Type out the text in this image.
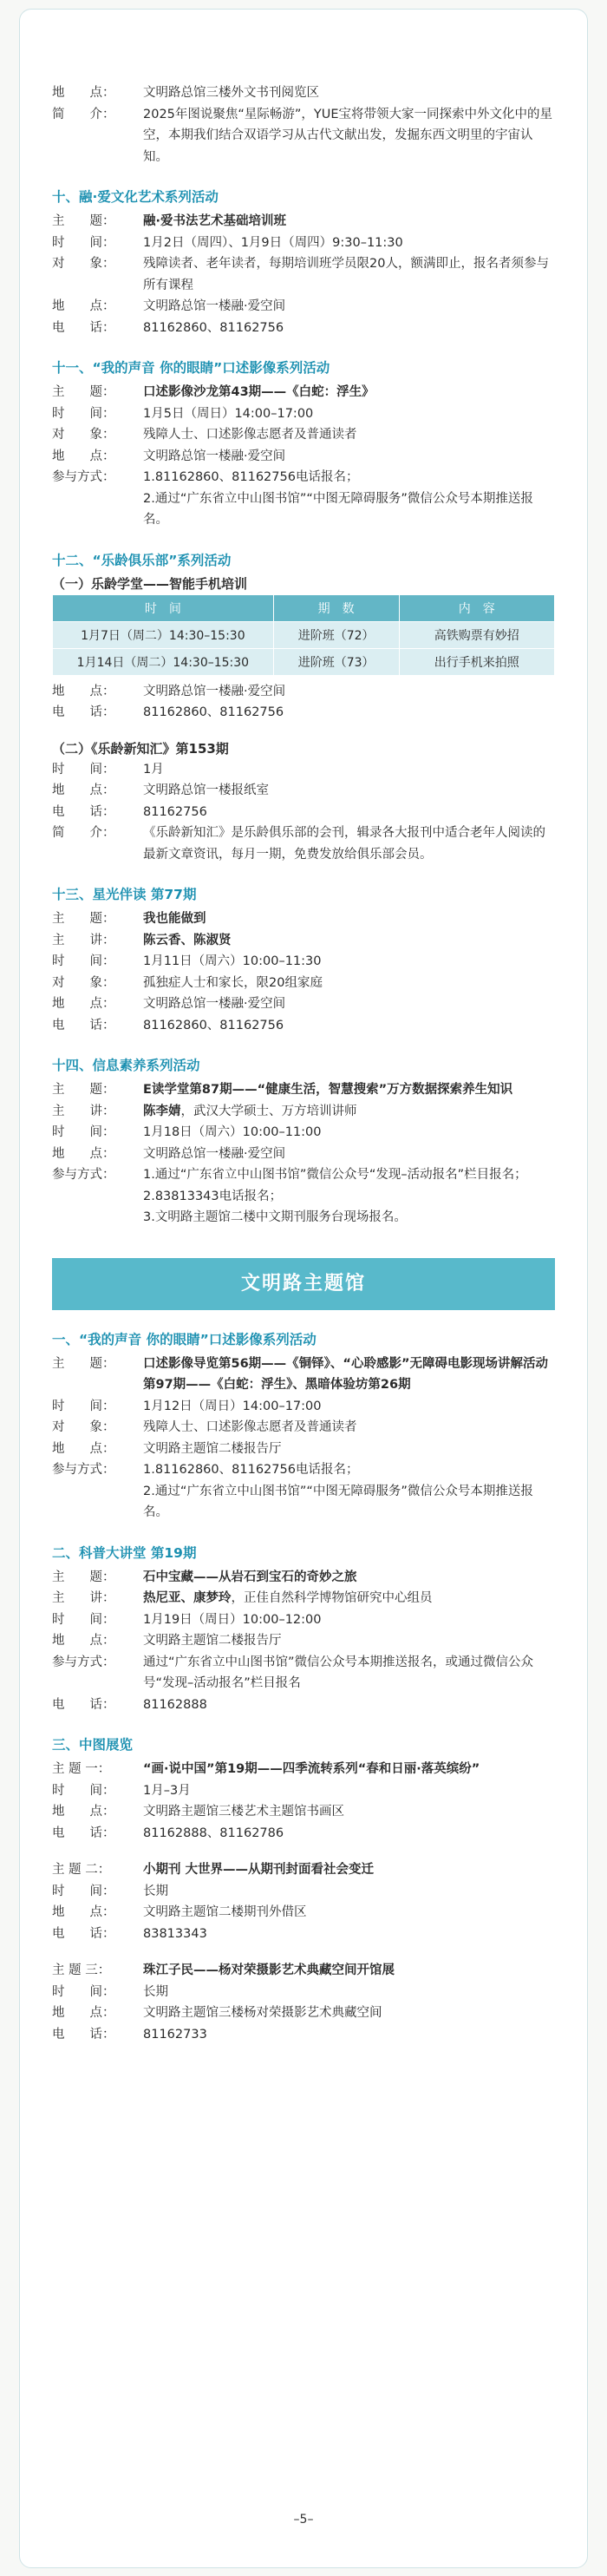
地　　点：	文明路总馆三楼外文书刊阅览区
简　　介：	2025年图说聚焦“星际畅游”，YUE宝将带领大家一同探索中外文化中的星空，本期我们结合双语学习从古代文献出发，发掘东西文明里的宇宙认知。
十、融·爱文化艺术系列活动
主　　题：	融·爱书法艺术基础培训班
时　　间：	1月2日（周四）、1月9日（周四）9:30–11:30
对　　象：	残障读者、老年读者，每期培训班学员限20人，额满即止，报名者须参与所有课程
地　　点：	文明路总馆一楼融·爱空间
电　　话：	81162860、81162756
十一、“我的声音 你的眼睛”口述影像系列活动
主　　题：	口述影像沙龙第43期——《白蛇：浮生》
时　　间：	1月5日（周日）14:00–17:00
对　　象：	残障人士、口述影像志愿者及普通读者
地　　点：	文明路总馆一楼融·爱空间
参与方式：	1.81162860、81162756电话报名；
2.通过“广东省立中山图书馆”“中图无障碍服务”微信公众号本期推送报名。
十二、“乐龄俱乐部”系列活动
（一）乐龄学堂——智能手机培训
时　间	期　数	内　容
1月7日（周二）14:30–15:30	进阶班（72）	高铁购票有妙招
1月14日（周二）14:30–15:30	进阶班（73）	出行手机来拍照
地　　点：	文明路总馆一楼融·爱空间
电　　话：	81162860、81162756
（二）《乐龄新知汇》第153期
时　　间：	1月
地　　点：	文明路总馆一楼报纸室
电　　话：	81162756
简　　介：	《乐龄新知汇》是乐龄俱乐部的会刊，辑录各大报刊中适合老年人阅读的最新文章资讯，每月一期，免费发放给俱乐部会员。
十三、星光伴读 第77期
主　　题：	我也能做到
主　　讲：	陈云香、陈淑贤
时　　间：	1月11日（周六）10:00–11:30
对　　象：	孤独症人士和家长，限20组家庭
地　　点：	文明路总馆一楼融·爱空间
电　　话：	81162860、81162756
十四、信息素养系列活动
主　　题：	E读学堂第87期——“健康生活，智慧搜索”万方数据探索养生知识
主　　讲：	陈李婧，武汉大学硕士、万方培训讲师
时　　间：	1月18日（周六）10:00–11:00
地　　点：	文明路总馆一楼融·爱空间
参与方式：	1.通过“广东省立中山图书馆”微信公众号“发现–活动报名”栏目报名；
2.83813343电话报名；
3.文明路主题馆二楼中文期刊服务台现场报名。
文明路主题馆
一、“我的声音 你的眼睛”口述影像系列活动
主　　题：	口述影像导览第56期——《铜铎》、“心聆感影”无障碍电影现场讲解活动第97期——《白蛇：浮生》、黑暗体验坊第26期
时　　间：	1月12日（周日）14:00–17:00
对　　象：	残障人士、口述影像志愿者及普通读者
地　　点：	文明路主题馆二楼报告厅
参与方式：	1.81162860、81162756电话报名；
2.通过“广东省立中山图书馆”“中图无障碍服务”微信公众号本期推送报名。
二、科普大讲堂 第19期
主　　题：	石中宝藏——从岩石到宝石的奇妙之旅
主　　讲：	热尼亚、康梦玲，正佳自然科学博物馆研究中心组员
时　　间：	1月19日（周日）10:00–12:00
地　　点：	文明路主题馆二楼报告厅
参与方式：	通过“广东省立中山图书馆”微信公众号本期推送报名，或通过微信公众号“发现–活动报名”栏目报名
电　　话：	81162888
三、中图展览
主 题 一：	“画·说中国”第19期——四季流转系列“春和日丽·落英缤纷”
时　　间：	1月–3月
地　　点：	文明路主题馆三楼艺术主题馆书画区
电　　话：	81162888、81162786
主 题 二：	小期刊 大世界——从期刊封面看社会变迁
时　　间：	长期
地　　点：	文明路主题馆二楼期刊外借区
电　　话：	83813343
主 题 三：	珠江子民——杨对荣摄影艺术典藏空间开馆展
时　　间：	长期
地　　点：	文明路主题馆三楼杨对荣摄影艺术典藏空间
电　　话：	81162733
–5–
